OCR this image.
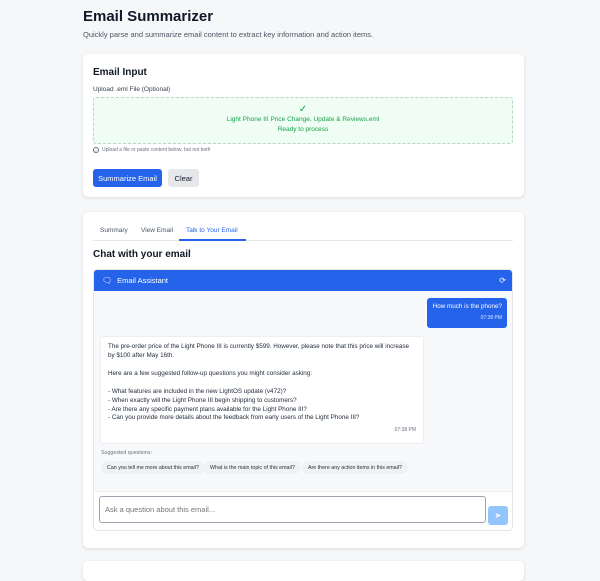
Email Summarizer
Quickly parse and summarize email content to extract key information and action items.
Email Input
Upload .eml File (Optional)
✓
Light Phone III Price Change, Update & Reviews.eml
Ready to process
i	Upload a file or paste content below, but not both
Summarize Email	Clear
Summary View Email Talk to Your Email
Chat with your email
🗨 Email Assistant	⟳
How much is the phone?
07:38 PM
The pre-order price of the Light Phone III is currently $599. However, please note that this price will increase by $100 after May 16th.
Here are a few suggested follow-up questions you might consider asking:
- What features are included in the new LightOS update (v472)?
- When exactly will the Light Phone III begin shipping to customers?
- Are there any specific payment plans available for the Light Phone III?
- Can you provide more details about the feedback from early users of the Light Phone III?
07:38 PM
Suggested questions:
Can you tell me more about this email?	What is the main topic of this email?	Are there any action items in this email?
Ask a question about this email...
➤
